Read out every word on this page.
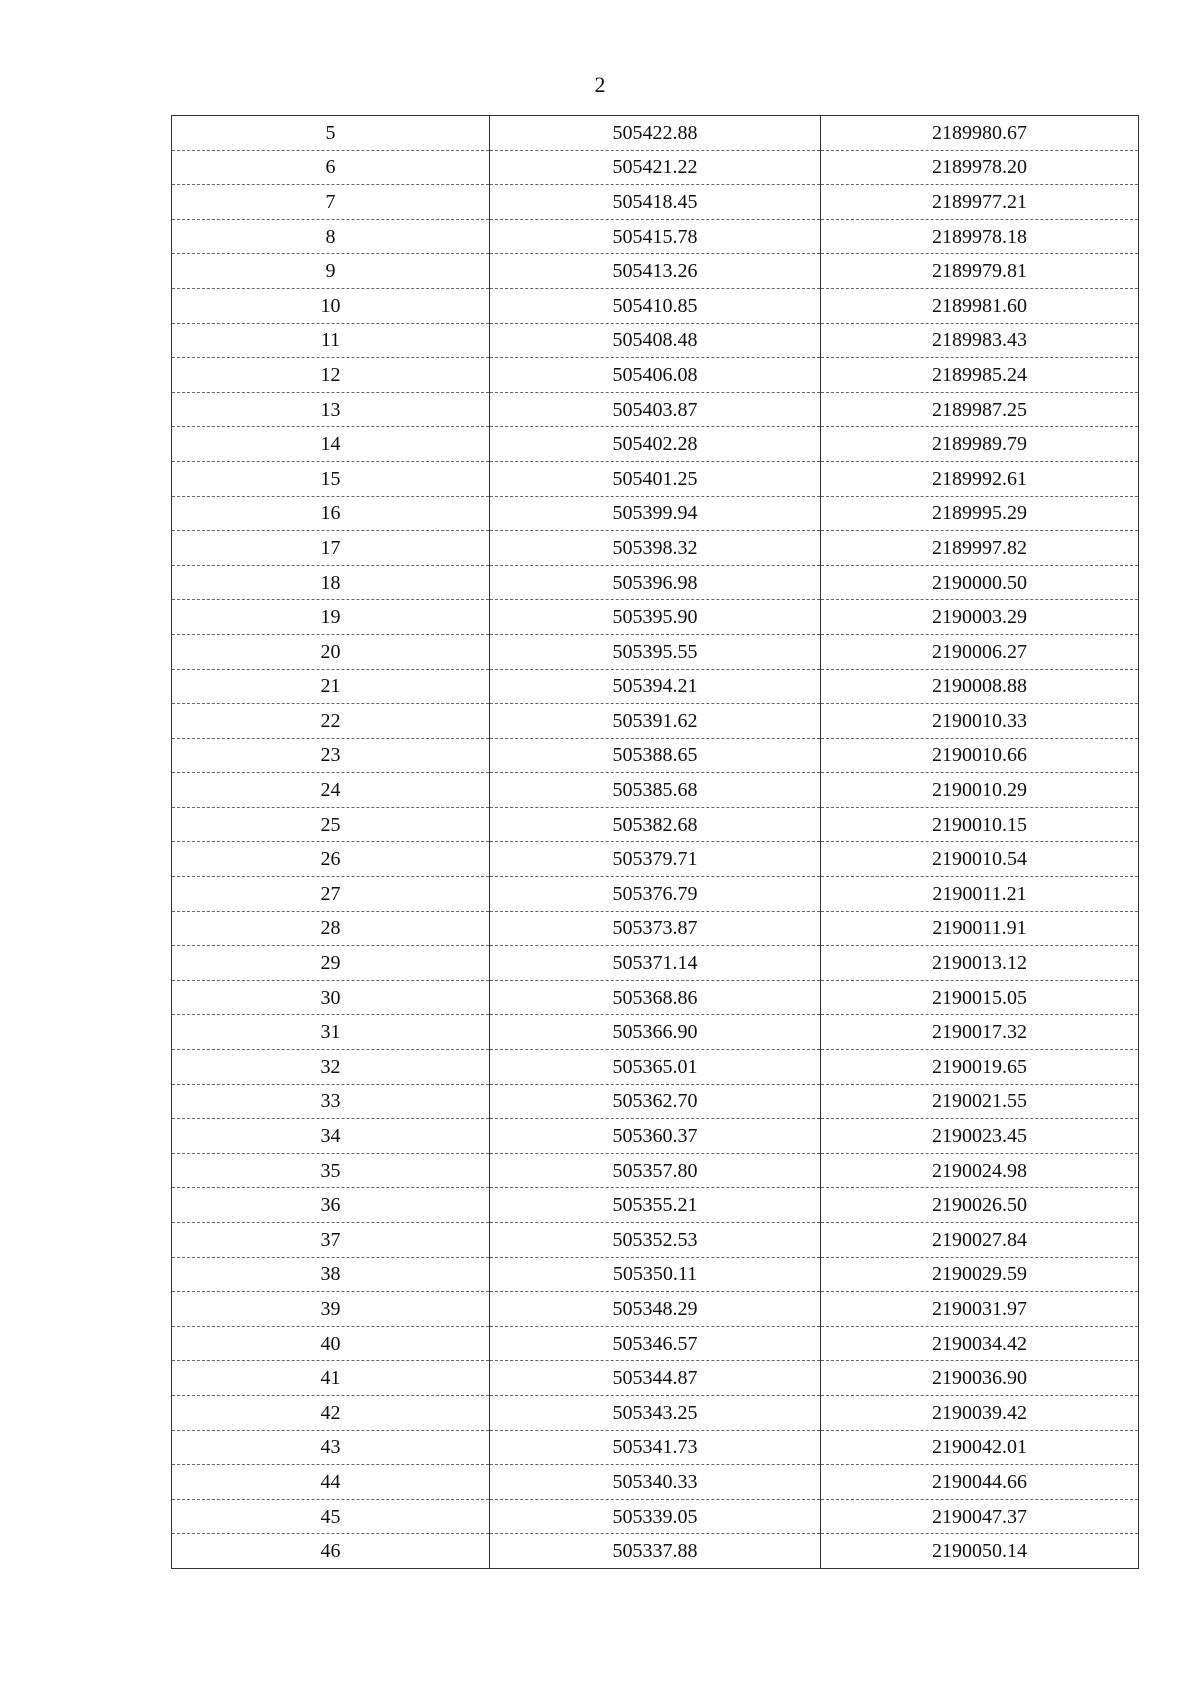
2
5	505422.88	2189980.67
6	505421.22	2189978.20
7	505418.45	2189977.21
8	505415.78	2189978.18
9	505413.26	2189979.81
10	505410.85	2189981.60
11	505408.48	2189983.43
12	505406.08	2189985.24
13	505403.87	2189987.25
14	505402.28	2189989.79
15	505401.25	2189992.61
16	505399.94	2189995.29
17	505398.32	2189997.82
18	505396.98	2190000.50
19	505395.90	2190003.29
20	505395.55	2190006.27
21	505394.21	2190008.88
22	505391.62	2190010.33
23	505388.65	2190010.66
24	505385.68	2190010.29
25	505382.68	2190010.15
26	505379.71	2190010.54
27	505376.79	2190011.21
28	505373.87	2190011.91
29	505371.14	2190013.12
30	505368.86	2190015.05
31	505366.90	2190017.32
32	505365.01	2190019.65
33	505362.70	2190021.55
34	505360.37	2190023.45
35	505357.80	2190024.98
36	505355.21	2190026.50
37	505352.53	2190027.84
38	505350.11	2190029.59
39	505348.29	2190031.97
40	505346.57	2190034.42
41	505344.87	2190036.90
42	505343.25	2190039.42
43	505341.73	2190042.01
44	505340.33	2190044.66
45	505339.05	2190047.37
46	505337.88	2190050.14
